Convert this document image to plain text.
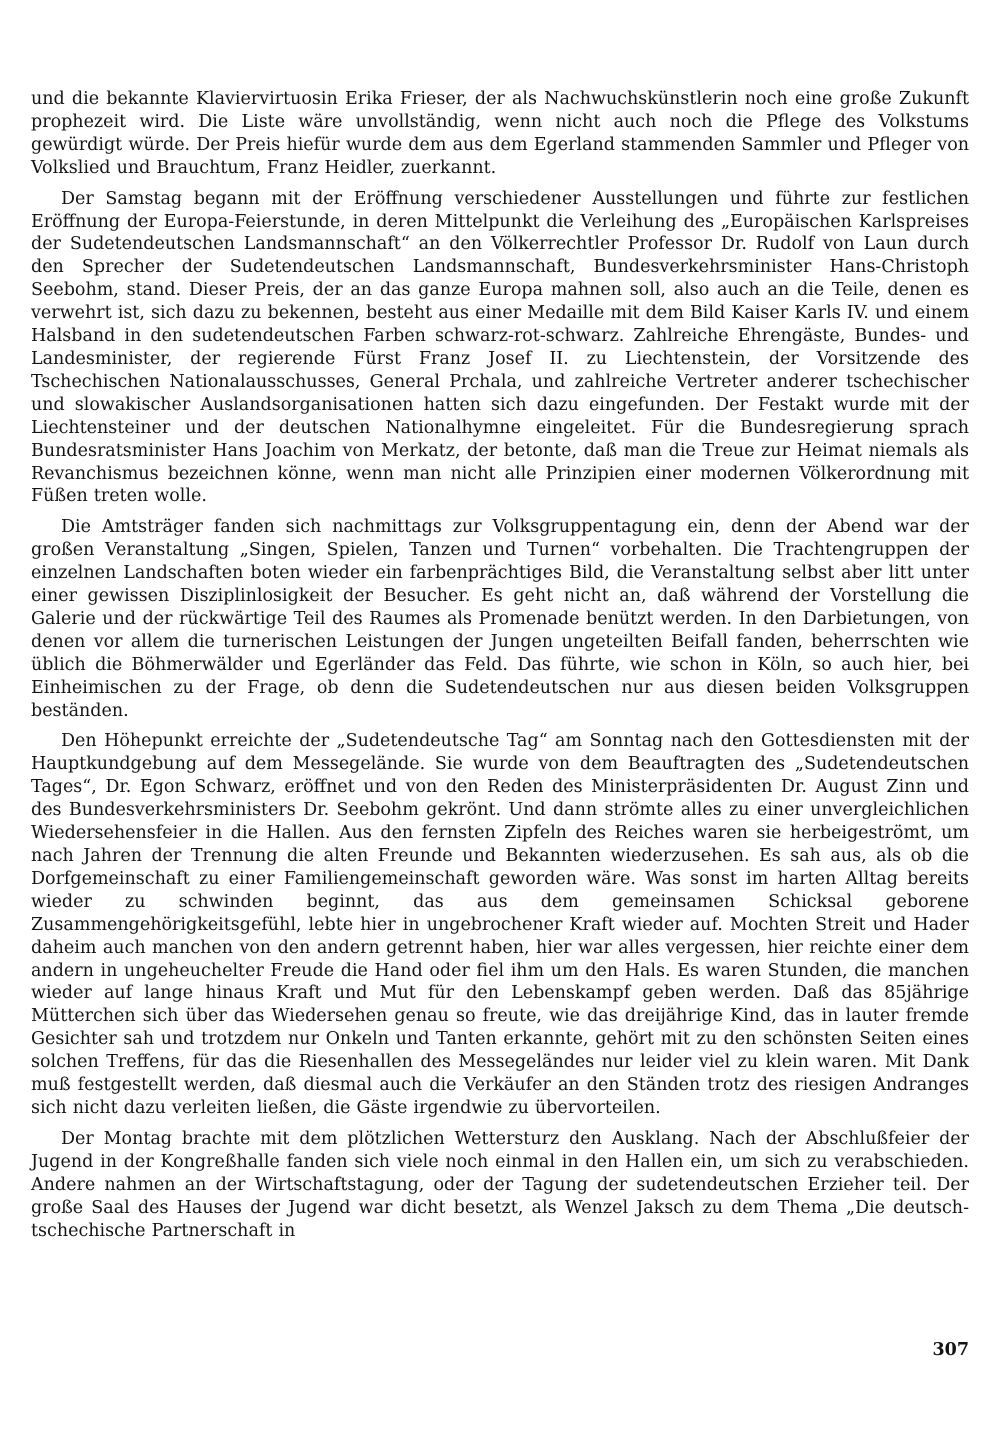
und die bekannte Klaviervirtuosin Erika Frieser, der als Nachwuchskünstlerin noch eine große Zukunft prophezeit wird. Die Liste wäre unvollständig, wenn nicht auch noch die Pflege des Volkstums gewürdigt würde. Der Preis hiefür wurde dem aus dem Egerland stammenden Sammler und Pfleger von Volkslied und Brauchtum, Franz Heidler, zuerkannt.

Der Samstag begann mit der Eröffnung verschiedener Ausstellungen und führte zur festlichen Eröffnung der Europa-Feierstunde, in deren Mittelpunkt die Verleihung des „Europäischen Karlspreises der Sudetendeutschen Landsmannschaft“ an den Völkerrechtler Professor Dr. Rudolf von Laun durch den Sprecher der Sudetendeutschen Landsmannschaft, Bundesverkehrsminister Hans-Christoph Seebohm, stand. Dieser Preis, der an das ganze Europa mahnen soll, also auch an die Teile, denen es verwehrt ist, sich dazu zu bekennen, besteht aus einer Medaille mit dem Bild Kaiser Karls IV. und einem Halsband in den sudetendeutschen Farben schwarz-rot-schwarz. Zahlreiche Ehrengäste, Bundes- und Landesminister, der regierende Fürst Franz Josef II. zu Liechtenstein, der Vorsitzende des Tschechischen Nationalausschusses, General Prchala, und zahlreiche Vertreter anderer tschechischer und slowakischer Auslandsorganisationen hatten sich dazu eingefunden. Der Festakt wurde mit der Liechtensteiner und der deutschen Nationalhymne eingeleitet. Für die Bundesregierung sprach Bundesratsminister Hans Joachim von Merkatz, der betonte, daß man die Treue zur Heimat niemals als Revanchismus bezeichnen könne, wenn man nicht alle Prinzipien einer modernen Völkerordnung mit Füßen treten wolle.

Die Amtsträger fanden sich nachmittags zur Volksgruppentagung ein, denn der Abend war der großen Veranstaltung „Singen, Spielen, Tanzen und Turnen“ vorbehalten. Die Trachtengruppen der einzelnen Landschaften boten wieder ein farbenprächtiges Bild, die Veranstaltung selbst aber litt unter einer gewissen Disziplinlosigkeit der Besucher. Es geht nicht an, daß während der Vorstellung die Galerie und der rückwärtige Teil des Raumes als Promenade benützt werden. In den Darbietungen, von denen vor allem die turnerischen Leistungen der Jungen ungeteilten Beifall fanden, beherrschten wie üblich die Böhmerwälder und Egerländer das Feld. Das führte, wie schon in Köln, so auch hier, bei Einheimischen zu der Frage, ob denn die Sudetendeutschen nur aus diesen beiden Volksgruppen beständen.

Den Höhepunkt erreichte der „Sudetendeutsche Tag“ am Sonntag nach den Gottesdiensten mit der Hauptkundgebung auf dem Messegelände. Sie wurde von dem Beauftragten des „Sudetendeutschen Tages“, Dr. Egon Schwarz, eröffnet und von den Reden des Ministerpräsidenten Dr. August Zinn und des Bundesverkehrsministers Dr. Seebohm gekrönt. Und dann strömte alles zu einer unvergleichlichen Wiedersehensfeier in die Hallen. Aus den fernsten Zipfeln des Reiches waren sie herbeigeströmt, um nach Jahren der Trennung die alten Freunde und Bekannten wiederzusehen. Es sah aus, als ob die Dorfgemeinschaft zu einer Familiengemeinschaft geworden wäre. Was sonst im harten Alltag bereits wieder zu schwinden beginnt, das aus dem gemeinsamen Schicksal geborene Zusammengehörigkeitsgefühl, lebte hier in ungebrochener Kraft wieder auf. Mochten Streit und Hader daheim auch manchen von den andern getrennt haben, hier war alles vergessen, hier reichte einer dem andern in ungeheuchelter Freude die Hand oder fiel ihm um den Hals. Es waren Stunden, die manchen wieder auf lange hinaus Kraft und Mut für den Lebenskampf geben werden. Daß das 85jährige Mütterchen sich über das Wiedersehen genau so freute, wie das dreijährige Kind, das in lauter fremde Gesichter sah und trotzdem nur Onkeln und Tanten erkannte, gehört mit zu den schönsten Seiten eines solchen Treffens, für das die Riesenhallen des Messegeländes nur leider viel zu klein waren. Mit Dank muß festgestellt werden, daß diesmal auch die Verkäufer an den Ständen trotz des riesigen Andranges sich nicht dazu verleiten ließen, die Gäste irgendwie zu übervorteilen.

Der Montag brachte mit dem plötzlichen Wettersturz den Ausklang. Nach der Abschlußfeier der Jugend in der Kongreßhalle fanden sich viele noch einmal in den Hallen ein, um sich zu verabschieden. Andere nahmen an der Wirtschaftstagung, oder der Tagung der sudetendeutschen Erzieher teil. Der große Saal des Hauses der Jugend war dicht besetzt, als Wenzel Jaksch zu dem Thema „Die deutsch-tschechische Partnerschaft in

307
